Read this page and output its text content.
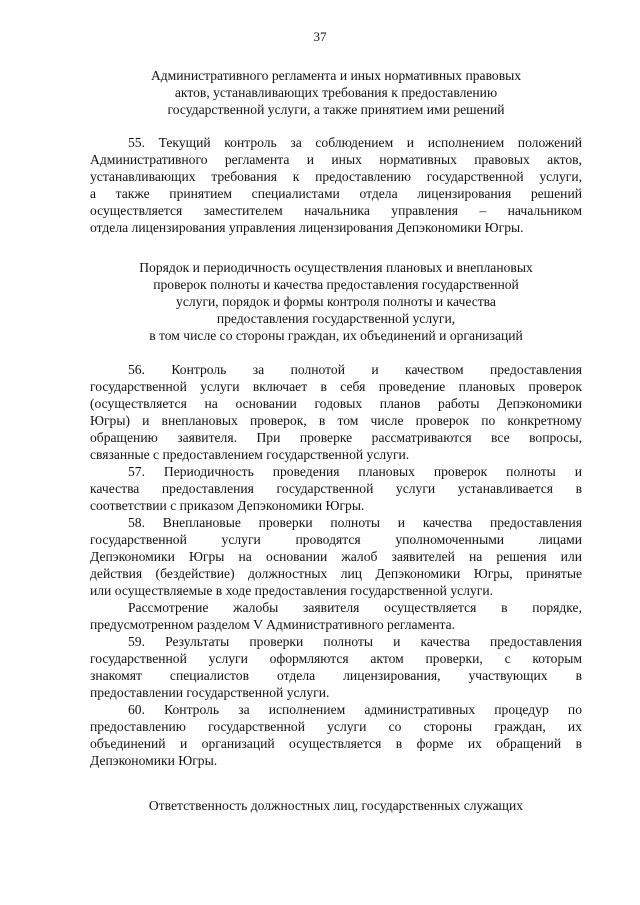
37
Административного регламента и иных нормативных правовых
актов, устанавливающих требования к предоставлению
государственной услуги, а также принятием ими решений

55. Текущий контроль за соблюдением и исполнением положений
Административного регламента и иных нормативных правовых актов,
устанавливающих требования к предоставлению государственной услуги,
а также принятием специалистами отдела лицензирования решений
осуществляется заместителем начальника управления – начальником
отдела лицензирования управления лицензирования Депэкономики Югры.

Порядок и периодичность осуществления плановых и внеплановых
проверок полноты и качества предоставления государственной
услуги, порядок и формы контроля полноты и качества
предоставления государственной услуги,
в том числе со стороны граждан, их объединений и организаций

56. Контроль за полнотой и качеством предоставления
государственной услуги включает в себя проведение плановых проверок
(осуществляется на основании годовых планов работы Депэкономики
Югры) и внеплановых проверок, в том числе проверок по конкретному
обращению заявителя. При проверке рассматриваются все вопросы,
связанные с предоставлением государственной услуги.

57. Периодичность проведения плановых проверок полноты и
качества предоставления государственной услуги устанавливается в
соответствии с приказом Депэкономики Югры.

58. Внеплановые проверки полноты и качества предоставления
государственной услуги проводятся уполномоченными лицами
Депэкономики Югры на основании жалоб заявителей на решения или
действия (бездействие) должностных лиц Депэкономики Югры, принятые
или осуществляемые в ходе предоставления государственной услуги.

Рассмотрение жалобы заявителя осуществляется в порядке,
предусмотренном разделом V Административного регламента.

59. Результаты проверки полноты и качества предоставления
государственной услуги оформляются актом проверки, с которым
знакомят специалистов отдела лицензирования, участвующих в
предоставлении государственной услуги.

60. Контроль за исполнением административных процедур по
предоставлению государственной услуги со стороны граждан, их
объединений и организаций осуществляется в форме их обращений в
Депэкономики Югры.

Ответственность должностных лиц, государственных служащих
